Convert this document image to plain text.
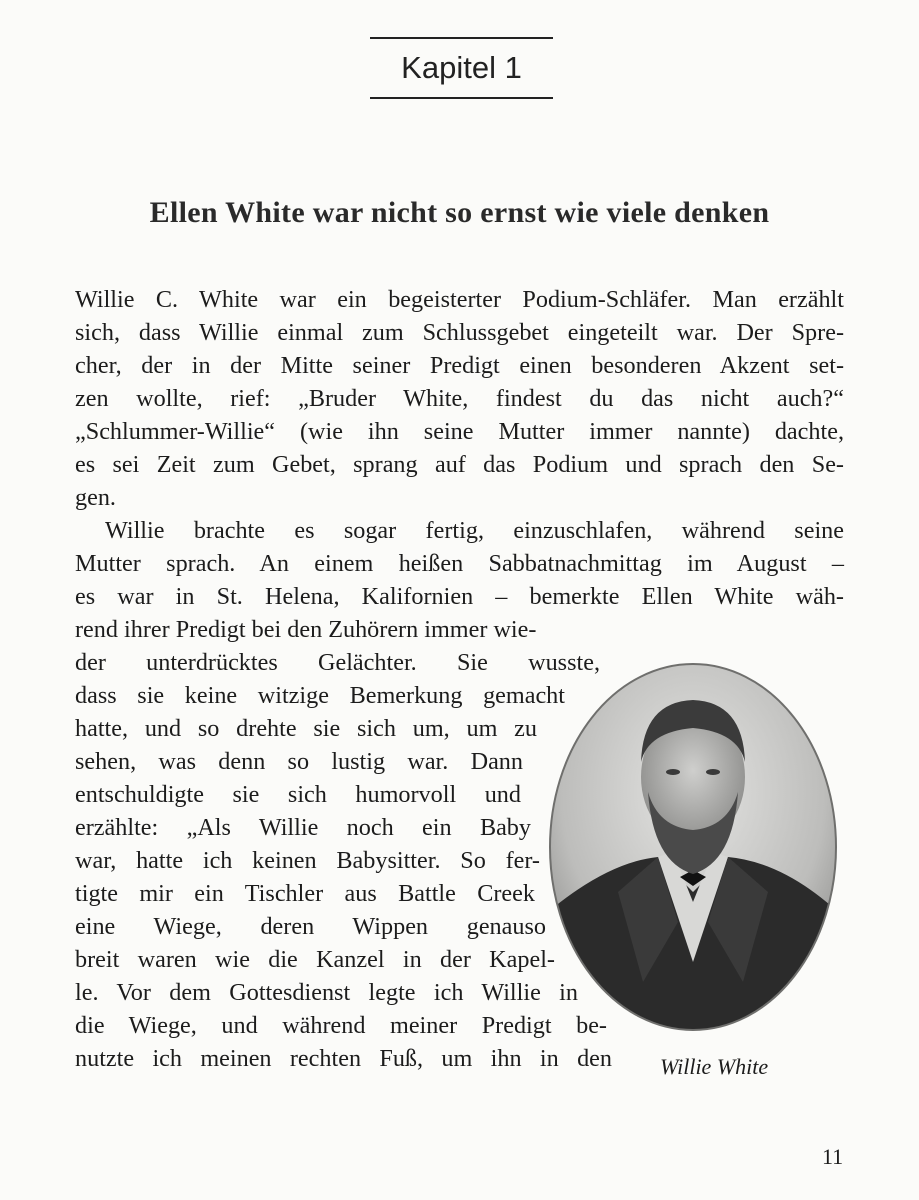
Kapitel 1
Ellen White war nicht so ernst wie viele denken
Willie C. White war ein begeisterter Podium-Schläfer. Man erzählt
sich, dass Willie einmal zum Schlussgebet eingeteilt war. Der Spre-
cher, der in der Mitte seiner Predigt einen besonderen Akzent set-
zen wollte, rief: „Bruder White, findest du das nicht auch?“
„Schlummer-Willie“ (wie ihn seine Mutter immer nannte) dachte,
es sei Zeit zum Gebet, sprang auf das Podium und sprach den Se-
gen.
Willie brachte es sogar fertig, einzuschlafen, während seine
Mutter sprach. An einem heißen Sabbatnachmittag im August –
es war in St. Helena, Kalifornien – bemerkte Ellen White wäh-
rend ihrer Predigt bei den Zuhörern immer wie-
der unterdrücktes Gelächter. Sie wusste,
dass sie keine witzige Bemerkung gemacht
hatte, und so drehte sie sich um, um zu
sehen, was denn so lustig war. Dann
entschuldigte sie sich humorvoll und
erzählte: „Als Willie noch ein Baby
war, hatte ich keinen Babysitter. So fer-
tigte mir ein Tischler aus Battle Creek
eine Wiege, deren Wippen genauso
breit waren wie die Kanzel in der Kapel-
le. Vor dem Gottesdienst legte ich Willie in
die Wiege, und während meiner Predigt be-
nutzte ich meinen rechten Fuß, um ihn in den Willie White
11
